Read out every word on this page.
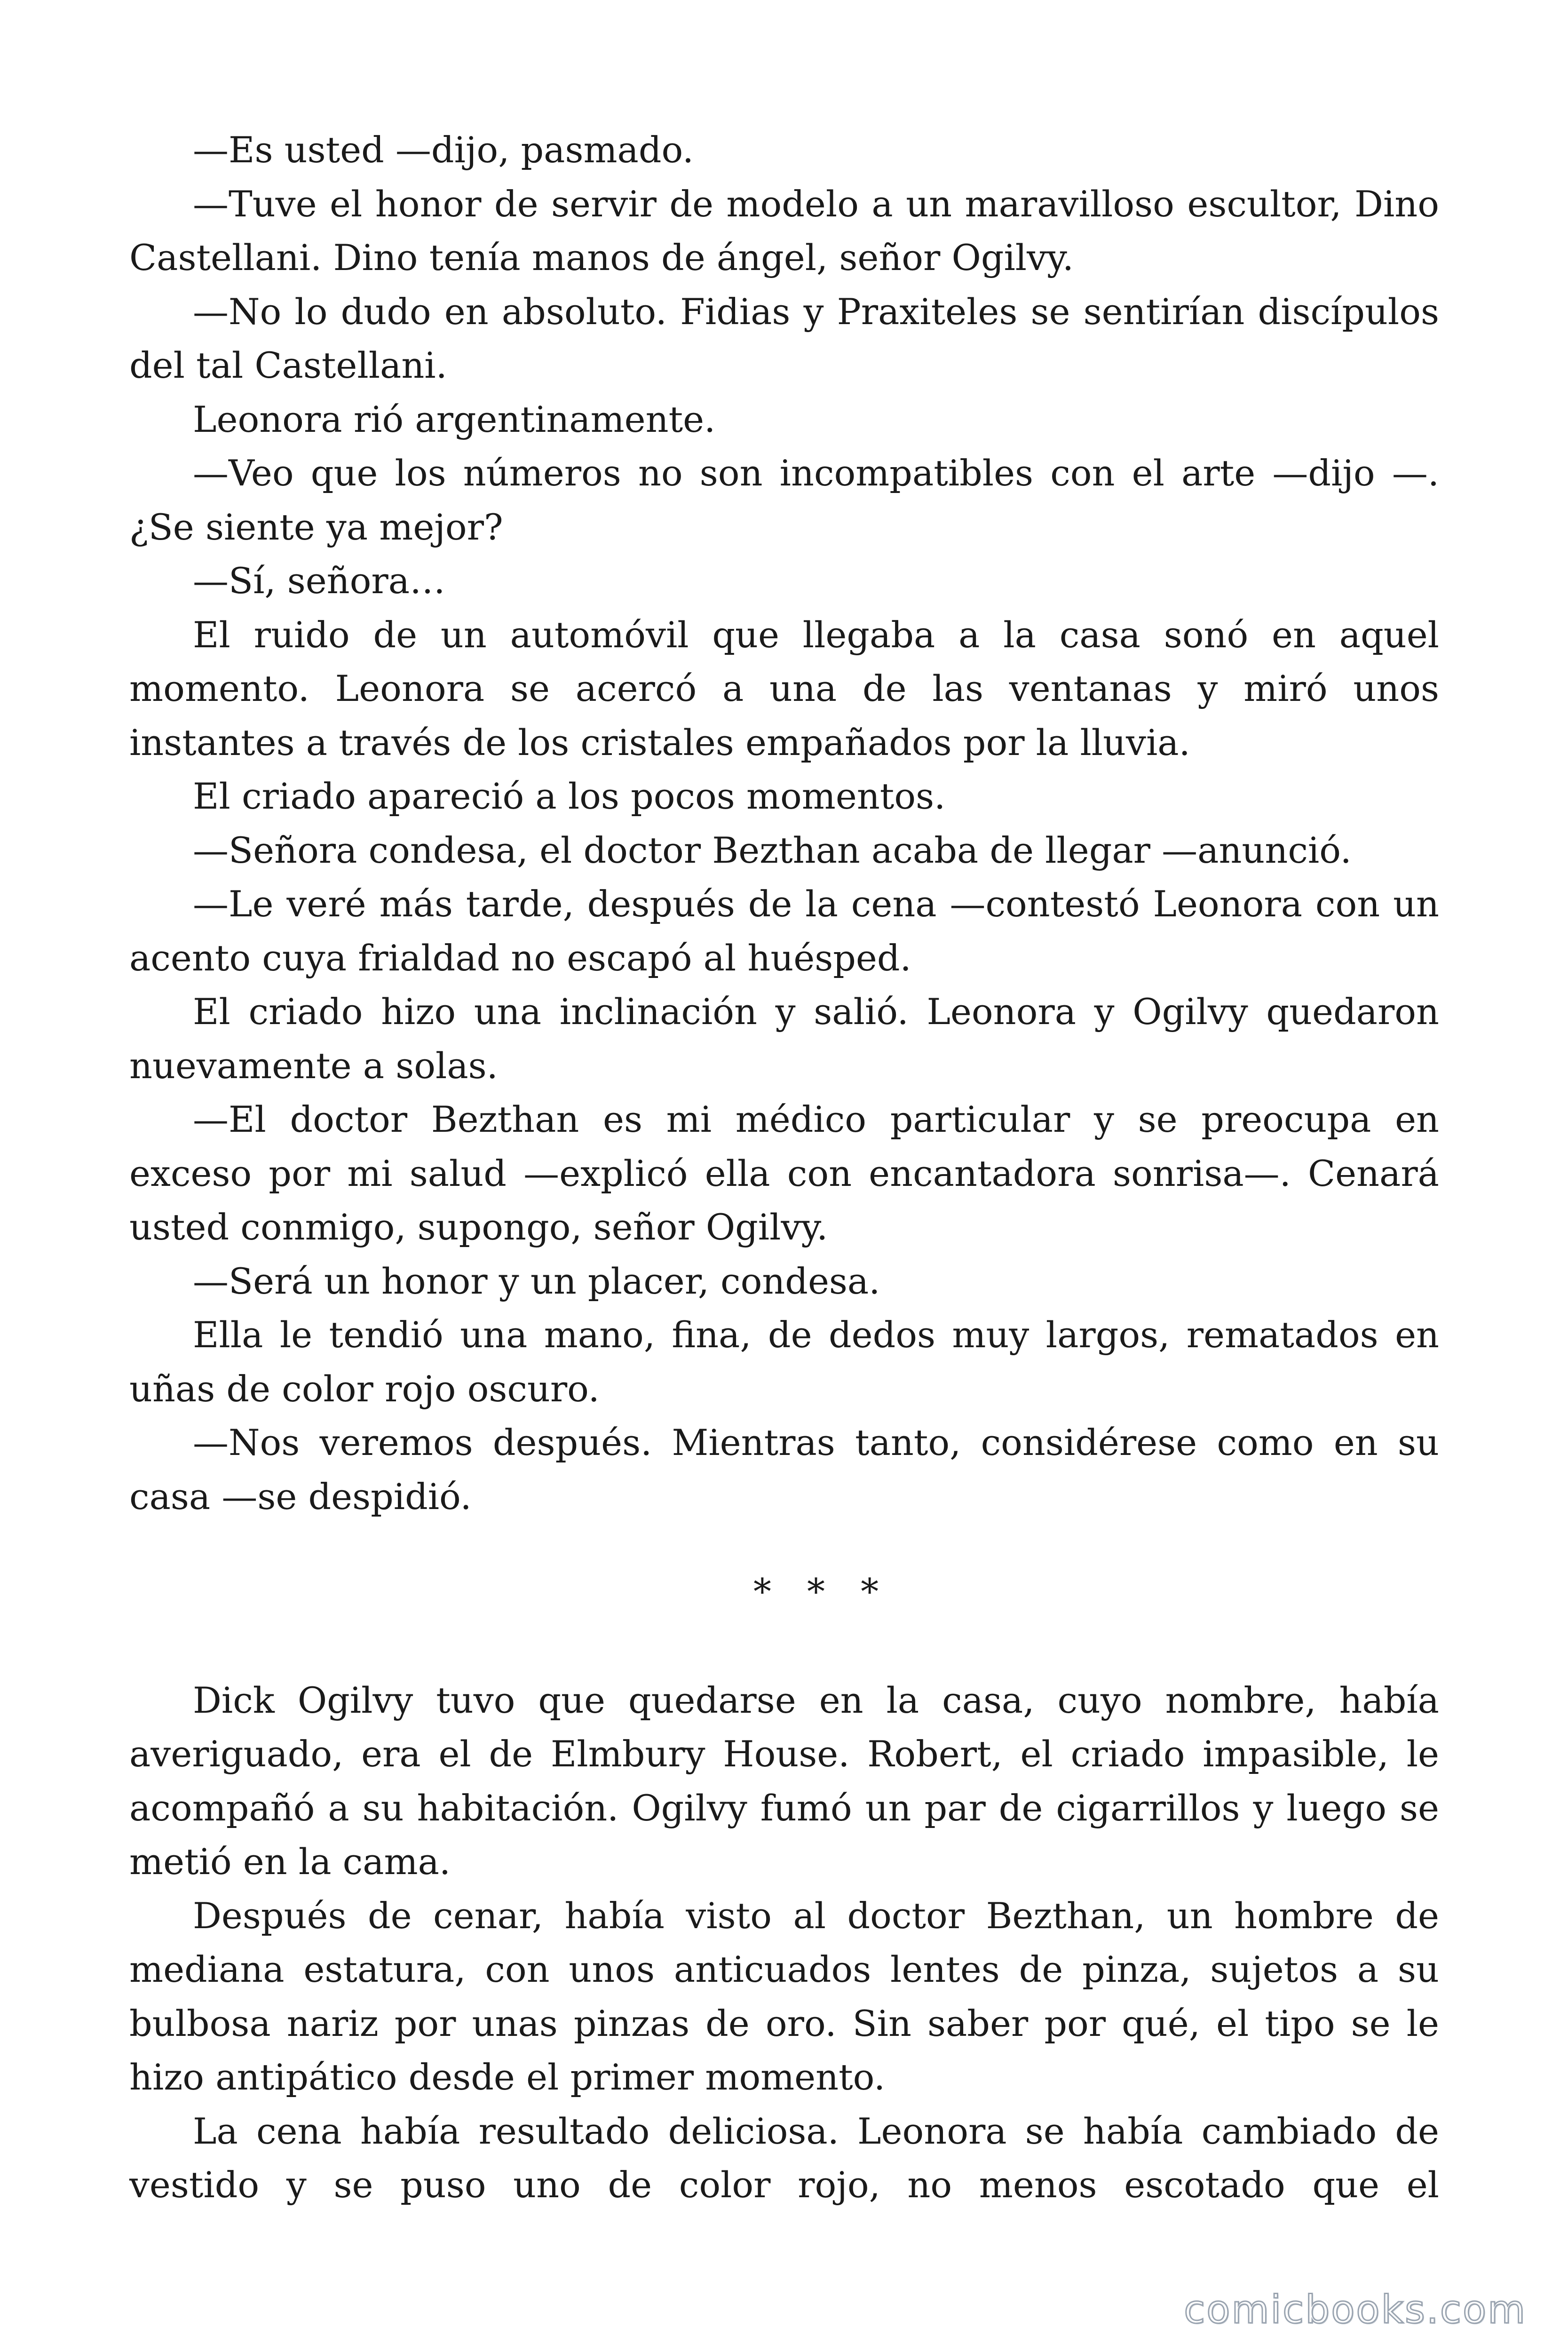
—Es usted —dijo, pasmado.

—Tuve el honor de servir de modelo a un maravilloso escultor, Dino Castellani. Dino tenía manos de ángel, señor Ogilvy.

—No lo dudo en absoluto. Fidias y Praxiteles se sentirían discípulos del tal Castellani.

Leonora rió argentinamente.

—Veo que los números no son incompatibles con el arte —dijo —. ¿Se siente ya mejor?

—Sí, señora…

El ruido de un automóvil que llegaba a la casa sonó en aquel momento. Leonora se acercó a una de las ventanas y miró unos instantes a través de los cristales empañados por la lluvia.

El criado apareció a los pocos momentos.

—Señora condesa, el doctor Bezthan acaba de llegar —anunció.

—Le veré más tarde, después de la cena —contestó Leonora con un acento cuya frialdad no escapó al huésped.

El criado hizo una inclinación y salió. Leonora y Ogilvy quedaron nuevamente a solas.

—El doctor Bezthan es mi médico particular y se preocupa en exceso por mi salud —explicó ella con encantadora sonrisa—. Cenará usted conmigo, supongo, señor Ogilvy.

—Será un honor y un placer, condesa.

Ella le tendió una mano, fina, de dedos muy largos, rematados en uñas de color rojo oscuro.

—Nos veremos después. Mientras tanto, considérese como en su casa —se despidió.

* * *

Dick Ogilvy tuvo que quedarse en la casa, cuyo nombre, había averiguado, era el de Elmbury House. Robert, el criado impasible, le acompañó a su habitación. Ogilvy fumó un par de cigarrillos y luego se metió en la cama.

Después de cenar, había visto al doctor Bezthan, un hombre de mediana estatura, con unos anticuados lentes de pinza, sujetos a su bulbosa nariz por unas pinzas de oro. Sin saber por qué, el tipo se le hizo antipático desde el primer momento.

La cena había resultado deliciosa. Leonora se había cambiado de vestido y se puso uno de color rojo, no menos escotado que el

comicbooks.com
